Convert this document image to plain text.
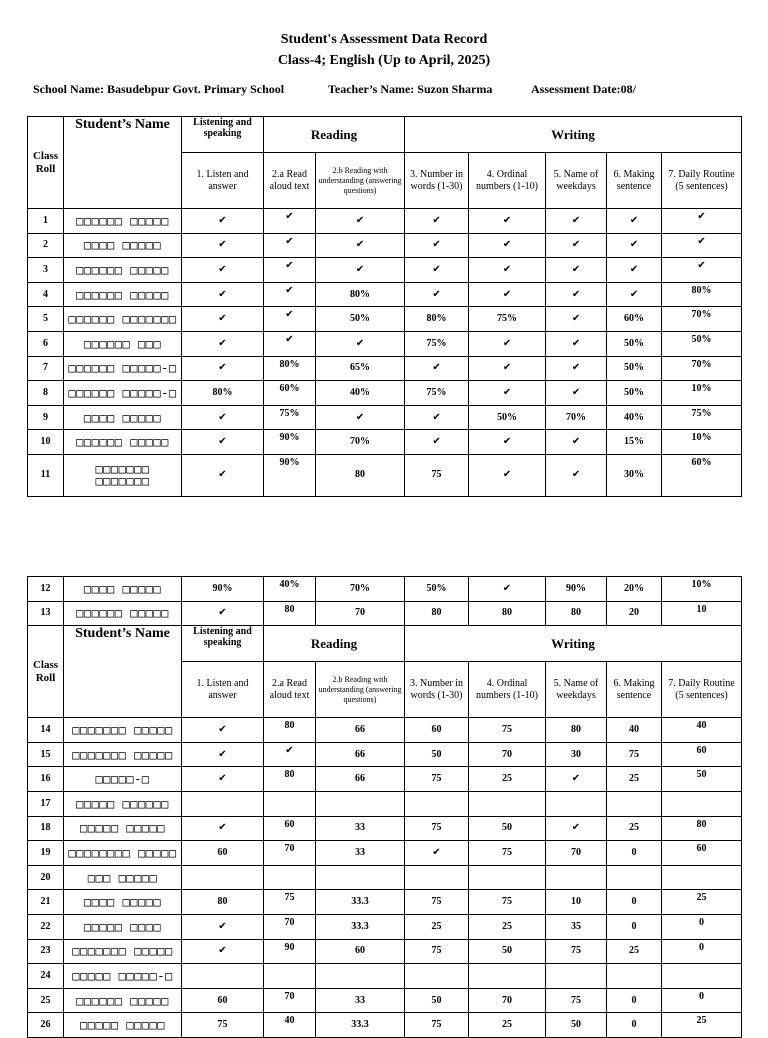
Student's Assessment Data Record
Class-4; English (Up to April, 2025)
School Name: Basudebpur Govt. Primary School	Teacher’s Name: Suzon Sharma	Assessment Date:08/
Class Roll	Student’s Name	Listening and speaking	Reading		Writing				
		1. Listen and answer	2.a Read aloud text	2.b Reading with understanding (answering questions)	3. Number in words (1-30)	4. Ordinal numbers (1-10)	5. Name of weekdays	6. Making sentence	7. Daily Routine (5 sentences)
1	□□□□□□ □□□□□	✔	✔	✔	✔	✔	✔	✔	✔
2	□□□□ □□□□□	✔	✔	✔	✔	✔	✔	✔	✔
3	□□□□□□ □□□□□	✔	✔	✔	✔	✔	✔	✔	✔
4	□□□□□□ □□□□□	✔	✔	80%	✔	✔	✔	✔	80%
5	□□□□□□ □□□□□□□	✔	✔	50%	80%	75%	✔	60%	70%
6	□□□□□□ □□□	✔	✔	✔	75%	✔	✔	50%	50%
7	□□□□□□ □□□□□-□	✔	80%	65%	✔	✔	✔	50%	70%
8	□□□□□□ □□□□□-□	80%	60%	40%	75%	✔	✔	50%	10%
9	□□□□ □□□□□	✔	75%	✔	✔	50%	70%	40%	75%
10	□□□□□□ □□□□□	✔	90%	70%	✔	✔	✔	15%	10%
11	□□□□□□□ □□□□□□□	✔	90%	80	75	✔	✔	30%	60%
12	□□□□ □□□□□	90%	40%	70%	50%	✔	90%	20%	10%
13	□□□□□□ □□□□□	✔	80	70	80	80	80	20	10
Class Roll	Student’s Name	Listening and speaking	Reading		Writing				
		1. Listen and answer	2.a Read aloud text	2.b Reading with understanding (answering questions)	3. Number in words (1-30)	4. Ordinal numbers (1-10)	5. Name of weekdays	6. Making sentence	7. Daily Routine (5 sentences)
14	□□□□□□□ □□□□□	✔	80	66	60	75	80	40	40
15	□□□□□□□ □□□□□	✔	✔	66	50	70	30	75	60
16	□□□□□-□	✔	80	66	75	25	✔	25	50
17	□□□□□ □□□□□□								
18	□□□□□ □□□□□	✔	60	33	75	50	✔	25	80
19	□□□□□□□□ □□□□□	60	70	33	✔	75	70	0	60
20	□□□ □□□□□								
21	□□□□ □□□□□	80	75	33.3	75	75	10	0	25
22	□□□□□ □□□□	✔	70	33.3	25	25	35	0	0
23	□□□□□□□ □□□□□	✔	90	60	75	50	75	25	0
24	□□□□□ □□□□□-□								
25	□□□□□□ □□□□□	60	70	33	50	70	75	0	0
26	□□□□□ □□□□□	75	40	33.3	75	25	50	0	25
